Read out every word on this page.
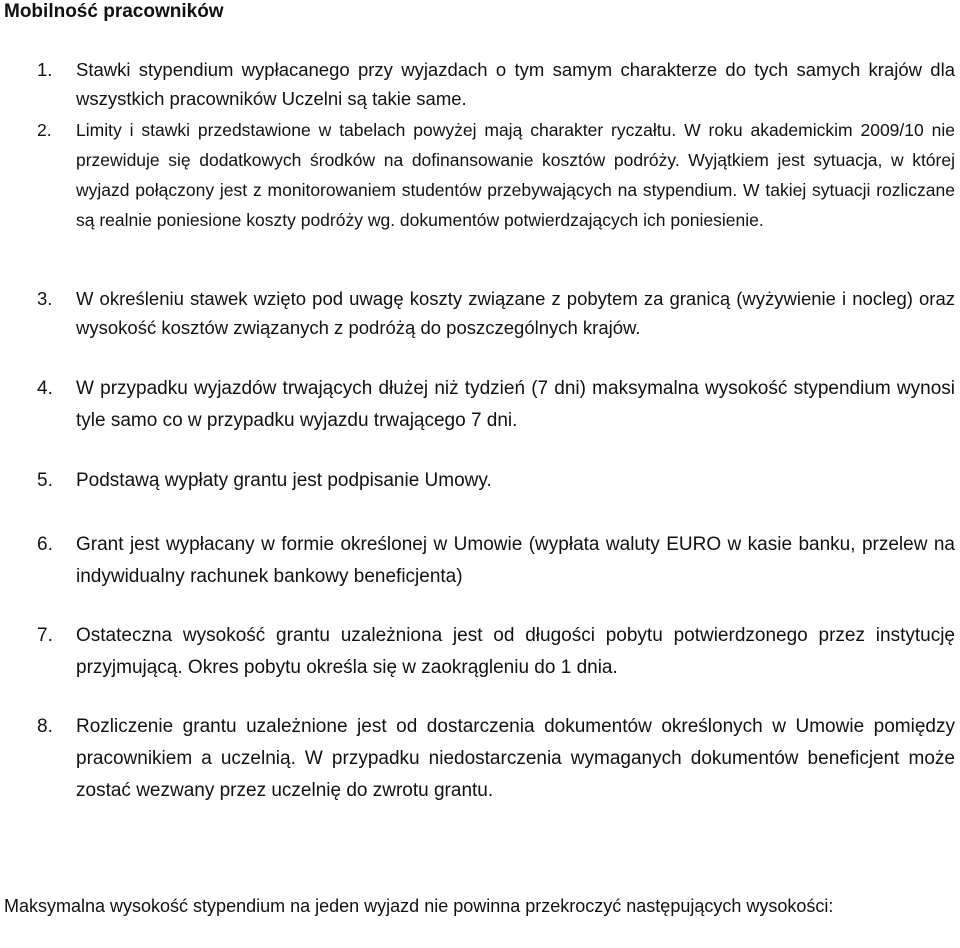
Mobilność pracowników
1. Stawki stypendium wypłacanego przy wyjazdach o tym samym charakterze do tych samych krajów dla wszystkich pracowników Uczelni są takie same.
2. Limity i stawki przedstawione w tabelach powyżej mają charakter ryczałtu. W roku akademickim 2009/10 nie przewiduje się dodatkowych środków na dofinansowanie kosztów podróży. Wyjątkiem jest sytuacja, w której wyjazd połączony jest z monitorowaniem studentów przebywających na stypendium. W takiej sytuacji rozliczane są realnie poniesione koszty podróży wg. dokumentów potwierdzających ich poniesienie.
3. W określeniu stawek wzięto pod uwagę koszty związane z pobytem za granicą (wyżywienie i nocleg) oraz wysokość kosztów związanych z podróżą do poszczególnych krajów.
4. W przypadku wyjazdów trwających dłużej niż tydzień (7 dni) maksymalna wysokość stypendium wynosi tyle samo co w przypadku wyjazdu trwającego 7 dni.
5. Podstawą wypłaty grantu jest podpisanie Umowy.
6. Grant jest wypłacany w formie określonej w Umowie (wypłata waluty EURO w kasie banku, przelew na indywidualny rachunek bankowy beneficjenta)
7. Ostateczna wysokość grantu uzależniona jest od długości pobytu potwierdzonego przez instytucję przyjmującą. Okres pobytu określa się w zaokrągleniu do 1 dnia.
8. Rozliczenie grantu uzależnione jest od dostarczenia dokumentów określonych w Umowie pomiędzy pracownikiem a uczelnią. W przypadku niedostarczenia wymaganych dokumentów beneficjent może zostać wezwany przez uczelnię do zwrotu grantu.
Maksymalna wysokość stypendium na jeden wyjazd nie powinna przekroczyć następujących wysokości:
